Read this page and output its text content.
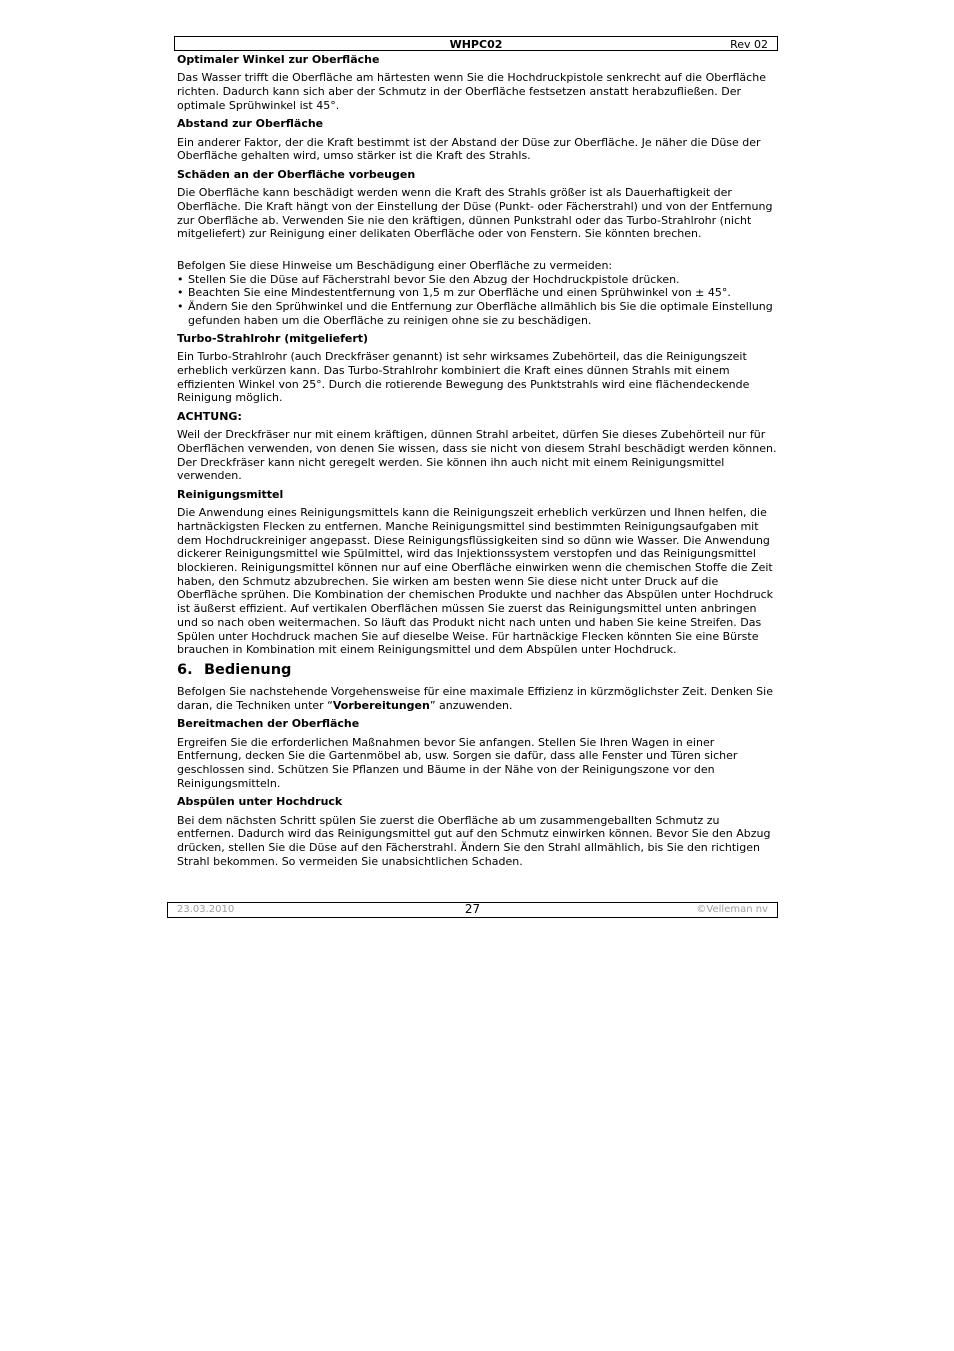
WHPC02	Rev 02
Optimaler Winkel zur Oberfläche

Das Wasser trifft die Oberfläche am härtesten wenn Sie die Hochdruckpistole senkrecht auf die Oberfläche richten. Dadurch kann sich aber der Schmutz in der Oberfläche festsetzen anstatt herabzufließen. Der optimale Sprühwinkel ist 45°.

Abstand zur Oberfläche

Ein anderer Faktor, der die Kraft bestimmt ist der Abstand der Düse zur Oberfläche. Je näher die Düse der Oberfläche gehalten wird, umso stärker ist die Kraft des Strahls.

Schäden an der Oberfläche vorbeugen

Die Oberfläche kann beschädigt werden wenn die Kraft des Strahls größer ist als Dauerhaftigkeit der Oberfläche. Die Kraft hängt von der Einstellung der Düse (Punkt- oder Fächerstrahl) und von der Entfernung zur Oberfläche ab. Verwenden Sie nie den kräftigen, dünnen Punkstrahl oder das Turbo-Strahlrohr (nicht mitgeliefert) zur Reinigung einer delikaten Oberfläche oder von Fenstern. Sie könnten brechen.

Befolgen Sie diese Hinweise um Beschädigung einer Oberfläche zu vermeiden:

• Stellen Sie die Düse auf Fächerstrahl bevor Sie den Abzug der Hochdruckpistole drücken.
• Beachten Sie eine Mindestentfernung von 1,5 m zur Oberfläche und einen Sprühwinkel von ± 45°.
• Ändern Sie den Sprühwinkel und die Entfernung zur Oberfläche allmählich bis Sie die optimale Einstellung gefunden haben um die Oberfläche zu reinigen ohne sie zu beschädigen.
Turbo-Strahlrohr (mitgeliefert)

Ein Turbo-Strahlrohr (auch Dreckfräser genannt) ist sehr wirksames Zubehörteil, das die Reinigungszeit erheblich verkürzen kann. Das Turbo-Strahlrohr kombiniert die Kraft eines dünnen Strahls mit einem effizienten Winkel von 25°. Durch die rotierende Bewegung des Punktstrahls wird eine flächendeckende Reinigung möglich.

ACHTUNG:

Weil der Dreckfräser nur mit einem kräftigen, dünnen Strahl arbeitet, dürfen Sie dieses Zubehörteil nur für Oberflächen verwenden, von denen Sie wissen, dass sie nicht von diesem Strahl beschädigt werden können. Der Dreckfräser kann nicht geregelt werden. Sie können ihn auch nicht mit einem Reinigungsmittel verwenden.

Reinigungsmittel

Die Anwendung eines Reinigungsmittels kann die Reinigungszeit erheblich verkürzen und Ihnen helfen, die hartnäckigsten Flecken zu entfernen. Manche Reinigungsmittel sind bestimmten Reinigungsaufgaben mit dem Hochdruckreiniger angepasst. Diese Reinigungsflüssigkeiten sind so dünn wie Wasser. Die Anwendung dickerer Reinigungsmittel wie Spülmittel, wird das Injektionssystem verstopfen und das Reinigungsmittel blockieren. Reinigungsmittel können nur auf eine Oberfläche einwirken wenn die chemischen Stoffe die Zeit haben, den Schmutz abzubrechen. Sie wirken am besten wenn Sie diese nicht unter Druck auf die Oberfläche sprühen. Die Kombination der chemischen Produkte und nachher das Abspülen unter Hochdruck ist äußerst effizient. Auf vertikalen Oberflächen müssen Sie zuerst das Reinigungsmittel unten anbringen und so nach oben weitermachen. So läuft das Produkt nicht nach unten und haben Sie keine Streifen. Das Spülen unter Hochdruck machen Sie auf dieselbe Weise. Für hartnäckige Flecken könnten Sie eine Bürste brauchen in Kombination mit einem Reinigungsmittel und dem Abspülen unter Hochdruck.

6. Bedienung

Befolgen Sie nachstehende Vorgehensweise für eine maximale Effizienz in kürzmöglichster Zeit. Denken Sie daran, die Techniken unter “Vorbereitungen” anzuwenden.

Bereitmachen der Oberfläche

Ergreifen Sie die erforderlichen Maßnahmen bevor Sie anfangen. Stellen Sie Ihren Wagen in einer Entfernung, decken Sie die Gartenmöbel ab, usw. Sorgen sie dafür, dass alle Fenster und Türen sicher geschlossen sind. Schützen Sie Pflanzen und Bäume in der Nähe von der Reinigungszone vor den Reinigungsmitteln.

Abspülen unter Hochdruck

Bei dem nächsten Schritt spülen Sie zuerst die Oberfläche ab um zusammengeballten Schmutz zu entfernen. Dadurch wird das Reinigungsmittel gut auf den Schmutz einwirken können. Bevor Sie den Abzug drücken, stellen Sie die Düse auf den Fächerstrahl. Ändern Sie den Strahl allmählich, bis Sie den richtigen Strahl bekommen. So vermeiden Sie unabsichtlichen Schaden.

23.03.2010	27	©Velleman nv
